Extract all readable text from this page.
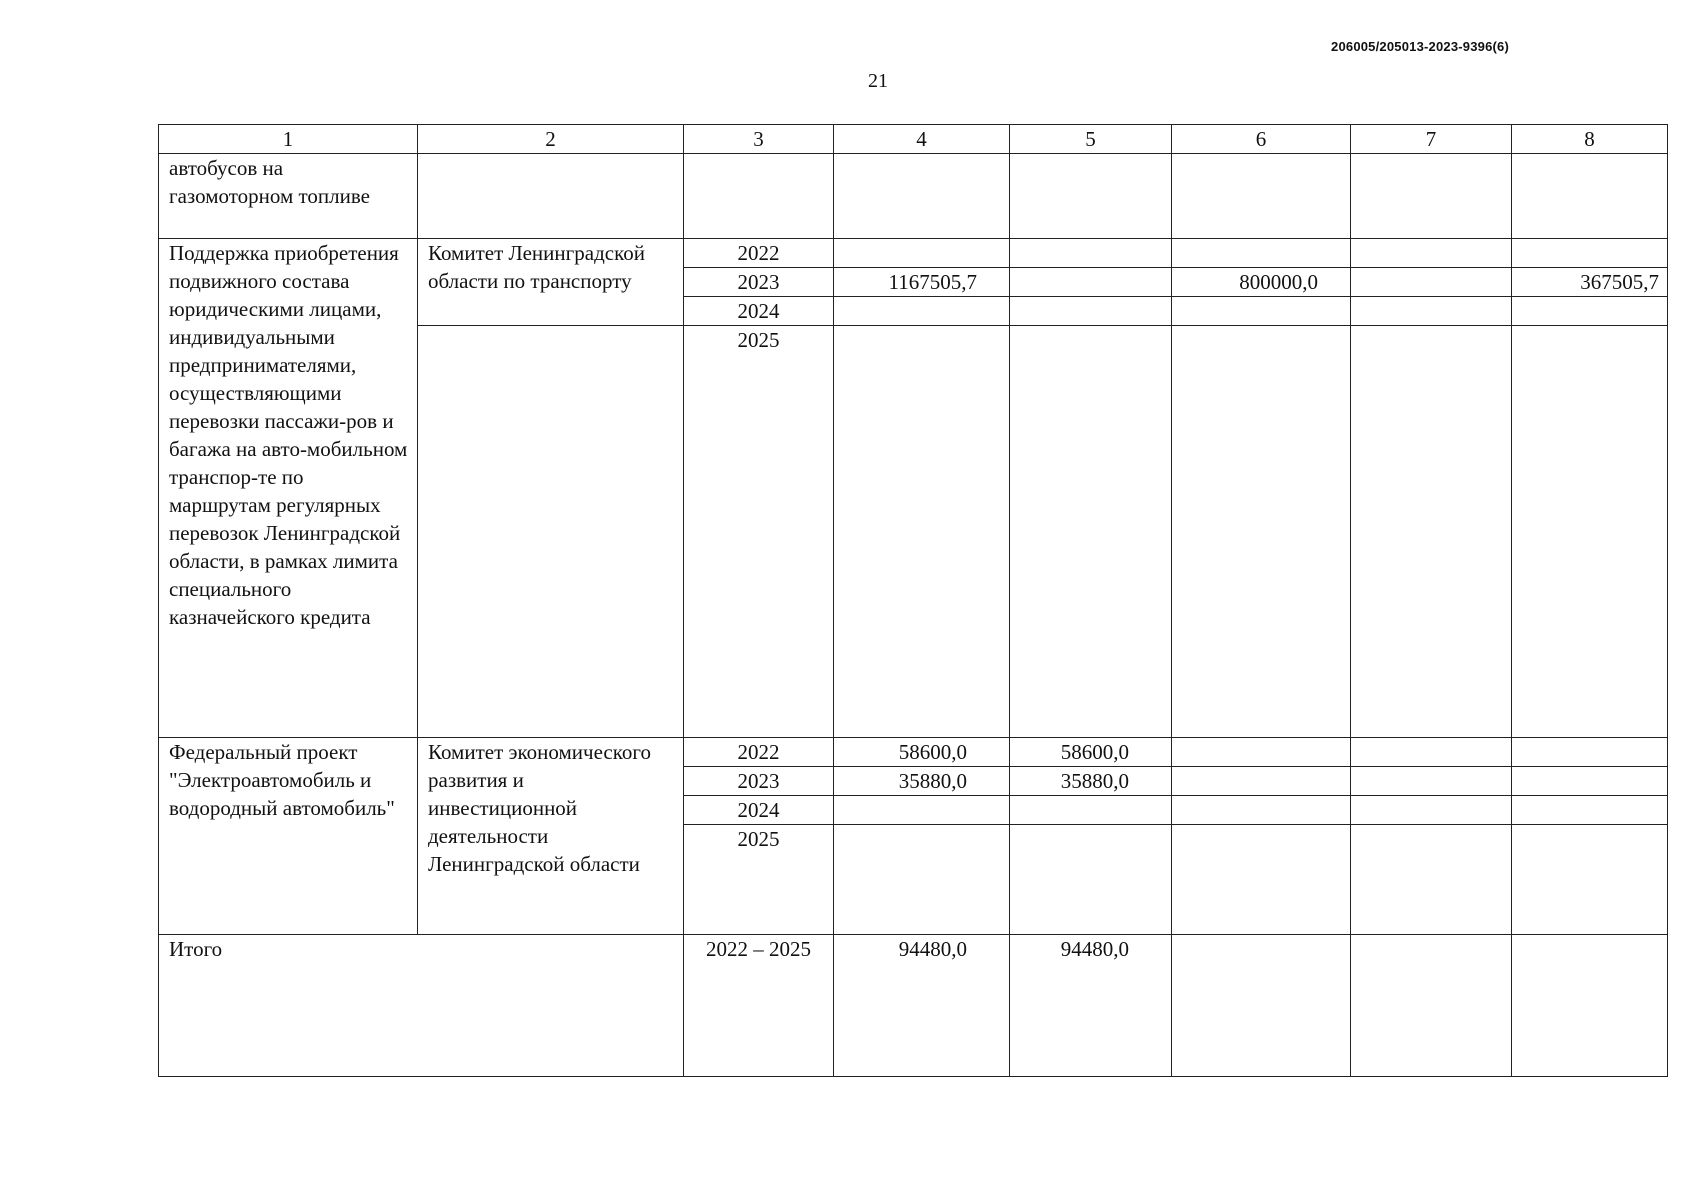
206005/205013-2023-9396(6)
21
1	2	3	4	5	6	7	8
автобусов на газомоторном топливе							
Поддержка приобретения подвижного состава юридическими лицами, индивидуальными предпринимателями, осуществляющими перевозки пассажи-ров и багажа на авто-мобильном транспор-те по маршрутам регулярных перевозок Ленинградской области, в рамках лимита специального казначейского кредита	Комитет Ленинградской области по транспорту	2022					
		2023	1167505,7		800000,0		367505,7
		2024					
		2025					
Федеральный проект "Электроавтомобиль и водородный автомобиль"	Комитет экономического развития и инвестиционной деятельности Ленинградской области	2022	58600,0	58600,0			
		2023	35880,0	35880,0			
		2024					
		2025					
Итого		2022 – 2025	94480,0	94480,0			
